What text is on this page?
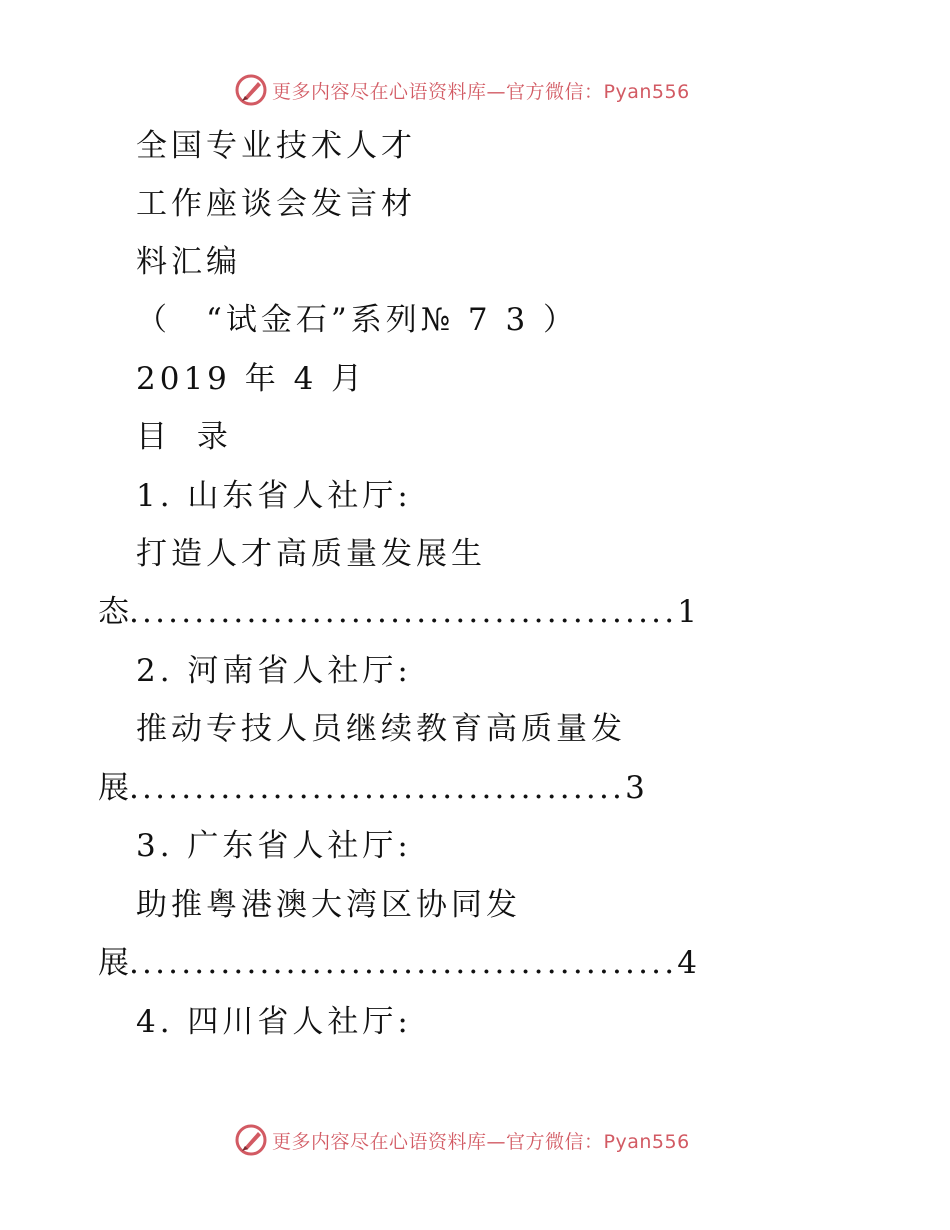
更多内容尽在心语资料库—官方微信：Pyan556
全国专业技术人才
工作座谈会发言材
料汇编
（　“试金石”系列№ 7 3 ）
2019 年 4 月
目 录
1. 山东省人社厅:
打造人才高质量发展生
态..........................................1
2. 河南省人社厅:
推动专技人员继续教育高质量发
展......................................3
3. 广东省人社厅:
助推粤港澳大湾区协同发
展..........................................4
4. 四川省人社厅:
更多内容尽在心语资料库—官方微信：Pyan556
